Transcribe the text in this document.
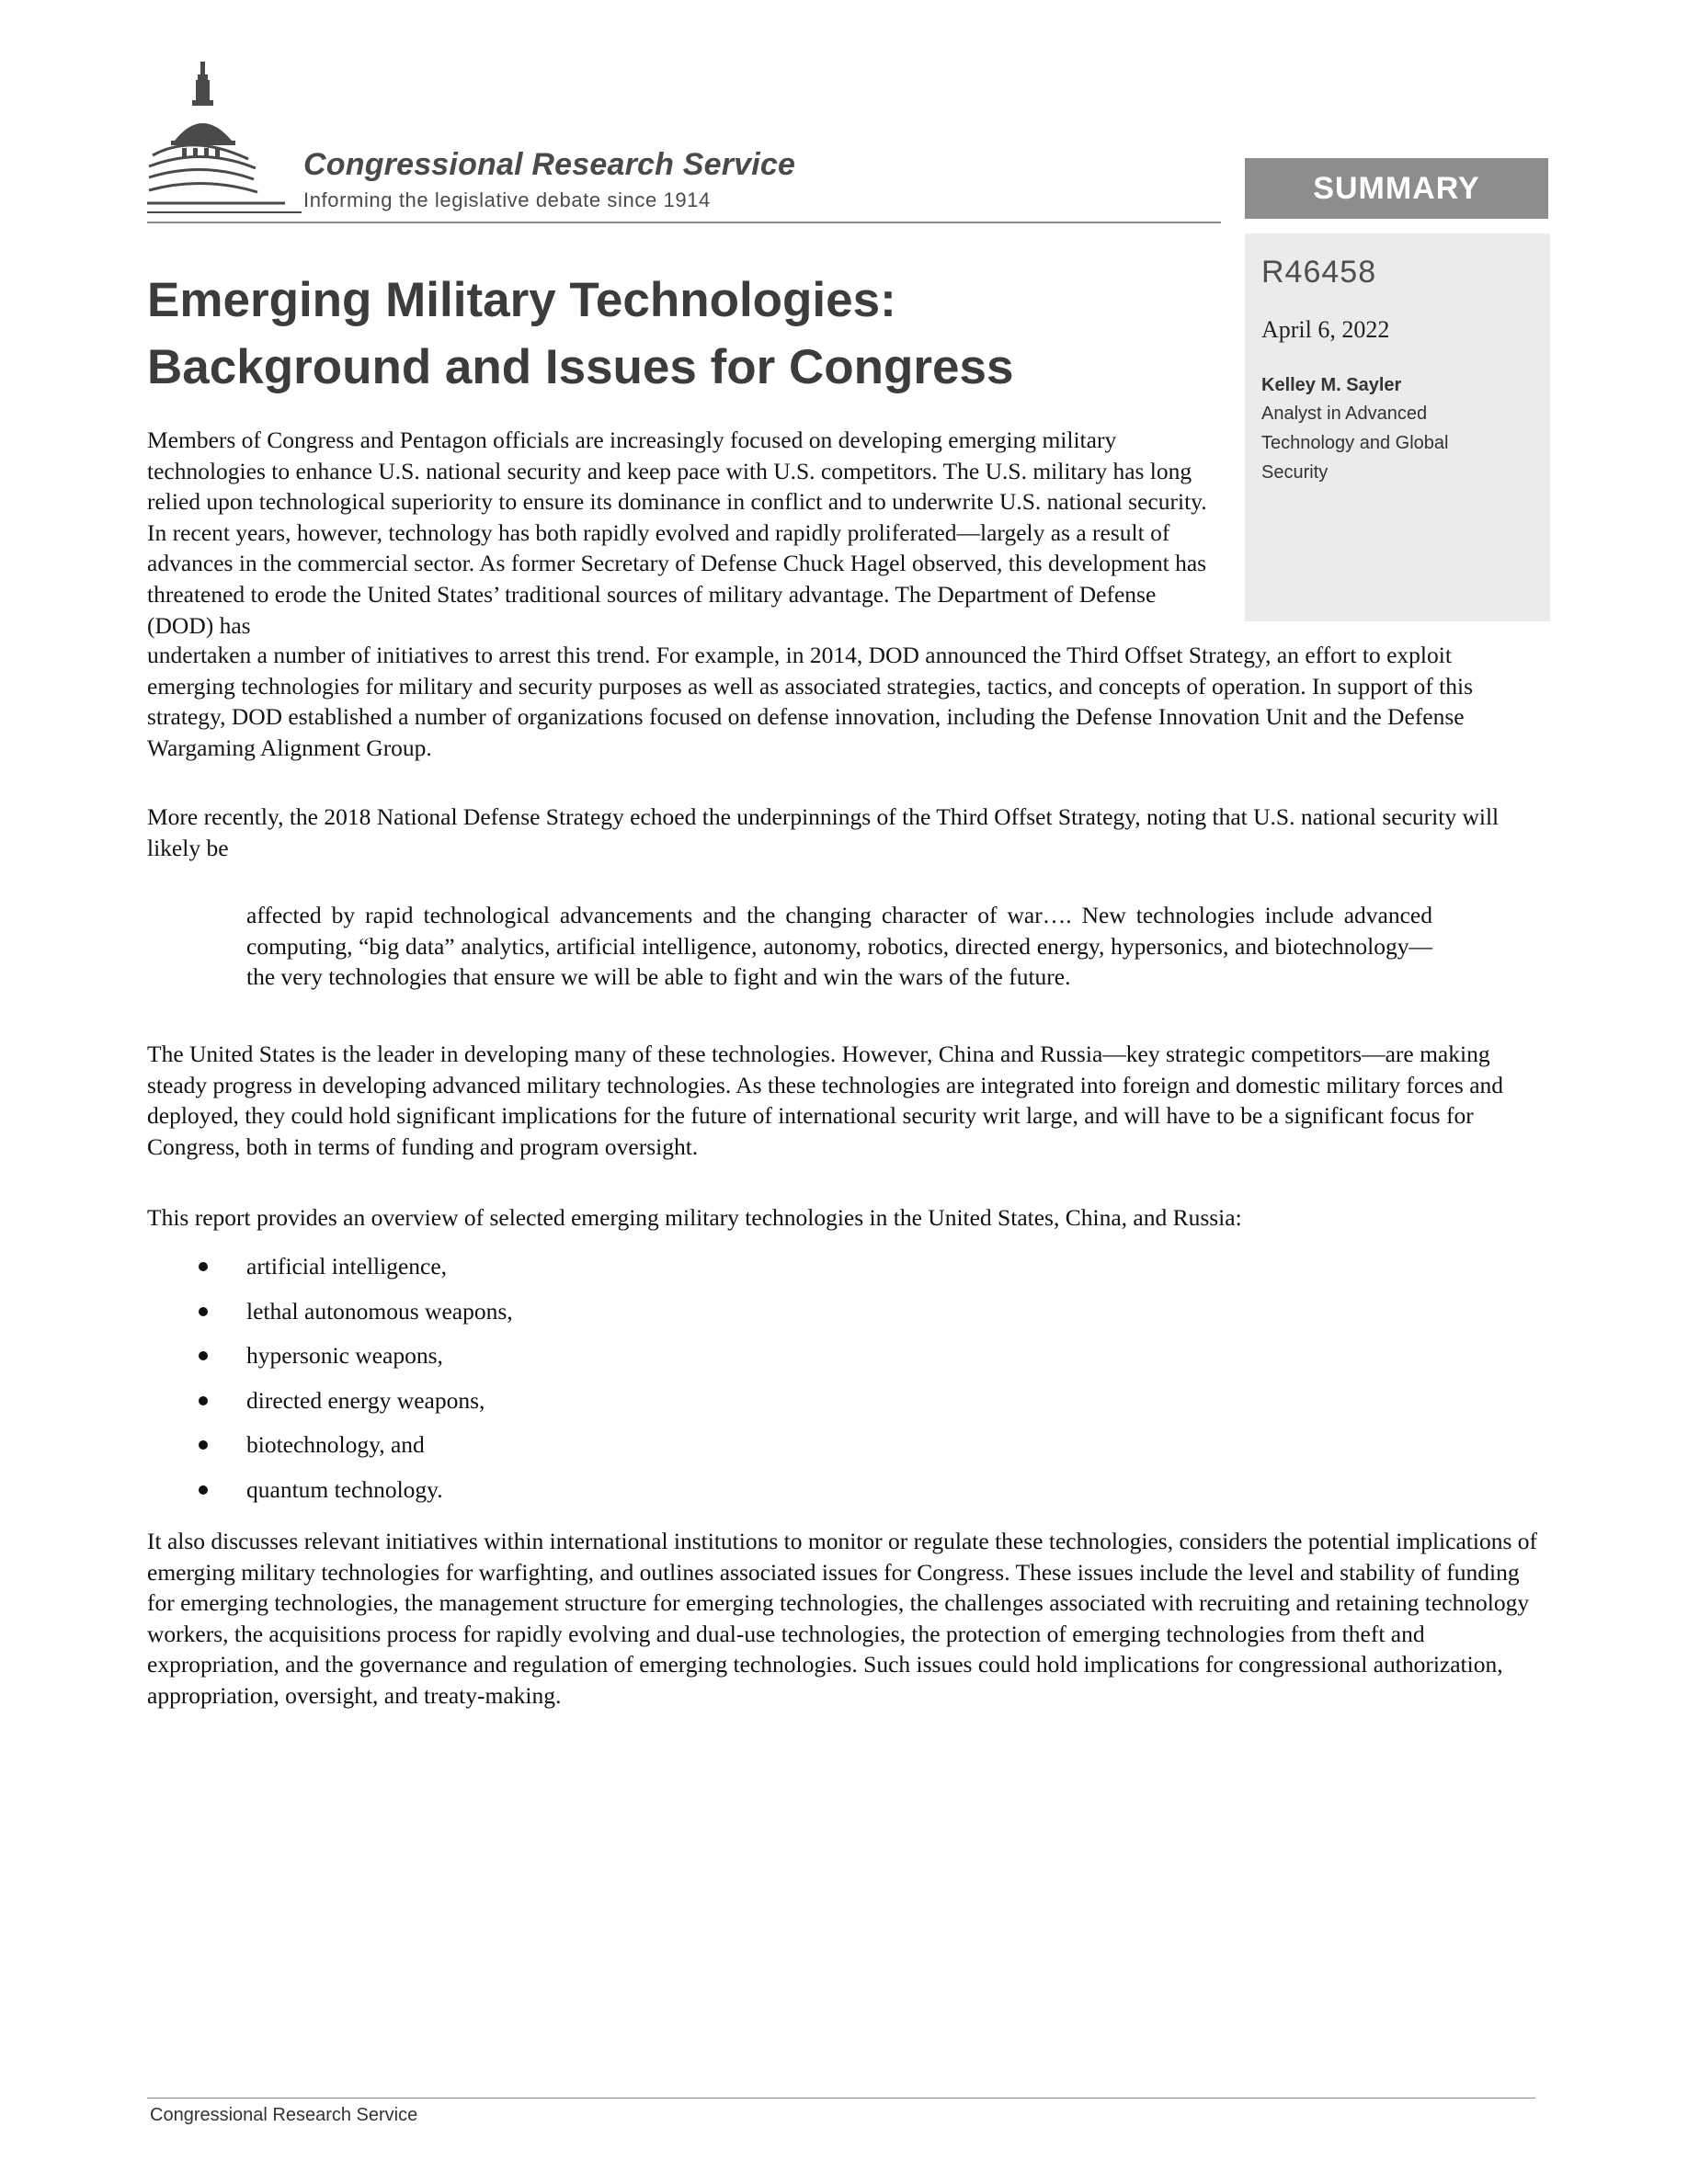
Congressional Research Service
Informing the legislative debate since 1914	SUMMARY
R46458
April 6, 2022
Kelley M. Sayler
Analyst in Advanced Technology and Global Security
Emerging Military Technologies:
Background and Issues for Congress
Members of Congress and Pentagon officials are increasingly focused on developing emerging military technologies to enhance U.S. national security and keep pace with U.S. competitors. The U.S. military has long relied upon technological superiority to ensure its dominance in conflict and to underwrite U.S. national security. In recent years, however, technology has both rapidly evolved and rapidly proliferated—largely as a result of advances in the commercial sector. As former Secretary of Defense Chuck Hagel observed, this development has threatened to erode the United States’ traditional sources of military advantage. The Department of Defense (DOD) has
undertaken a number of initiatives to arrest this trend. For example, in 2014, DOD announced the Third Offset Strategy, an effort to exploit emerging technologies for military and security purposes as well as associated strategies, tactics, and concepts of operation. In support of this strategy, DOD established a number of organizations focused on defense innovation, including the Defense Innovation Unit and the Defense Wargaming Alignment Group.
More recently, the 2018 National Defense Strategy echoed the underpinnings of the Third Offset Strategy, noting that U.S. national security will likely be
affected by rapid technological advancements and the changing character of war…. New technologies include advanced computing, “big data” analytics, artificial intelligence, autonomy, robotics, directed energy, hypersonics, and biotechnology—the very technologies that ensure we will be able to fight and win the wars of the future.
The United States is the leader in developing many of these technologies. However, China and Russia—key strategic competitors—are making steady progress in developing advanced military technologies. As these technologies are integrated into foreign and domestic military forces and deployed, they could hold significant implications for the future of international security writ large, and will have to be a significant focus for Congress, both in terms of funding and program oversight.
This report provides an overview of selected emerging military technologies in the United States, China, and Russia:
artificial intelligence,
lethal autonomous weapons,
hypersonic weapons,
directed energy weapons,
biotechnology, and
quantum technology.
It also discusses relevant initiatives within international institutions to monitor or regulate these technologies, considers the potential implications of emerging military technologies for warfighting, and outlines associated issues for Congress. These issues include the level and stability of funding for emerging technologies, the management structure for emerging technologies, the challenges associated with recruiting and retaining technology workers, the acquisitions process for rapidly evolving and dual-use technologies, the protection of emerging technologies from theft and expropriation, and the governance and regulation of emerging technologies. Such issues could hold implications for congressional authorization, appropriation, oversight, and treaty-making.
Congressional Research Service
